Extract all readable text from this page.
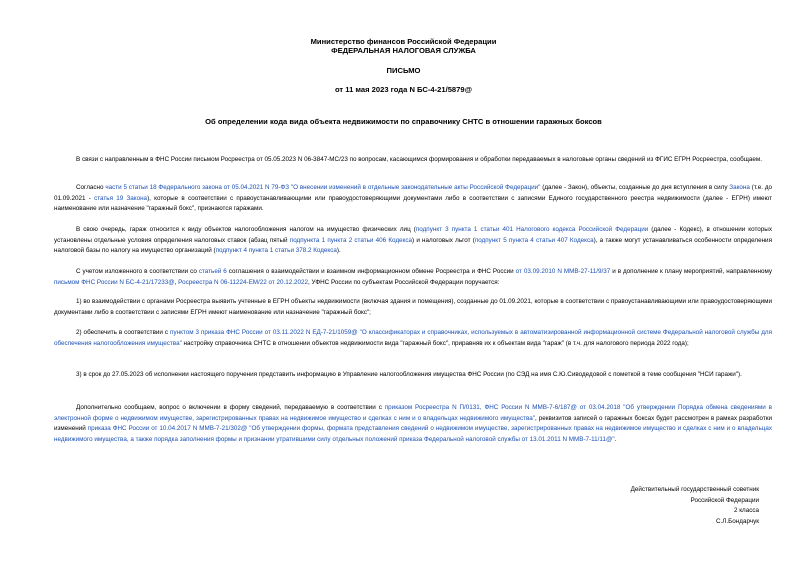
Министерство финансов Российской Федерации
ФЕДЕРАЛЬНАЯ НАЛОГОВАЯ СЛУЖБА
ПИСЬМО
от 11 мая 2023 года N БС-4-21/5879@
Об определении кода вида объекта недвижимости по справочнику СНТС в отношении гаражных боксов
В связи с направленным в ФНС России письмом Росреестра от 05.05.2023 N 06-3847-МС/23 по вопросам, касающимся формирования и обработки передаваемых в налоговые органы сведений из ФГИС ЕГРН Росреестра, сообщаем.
Согласно части 5 статьи 18 Федерального закона от 05.04.2021 N 79-ФЗ "О внесении изменений в отдельные законодательные акты Российской Федерации" (далее - Закон), объекты, созданные до дня вступления в силу Закона (т.е. до 01.09.2021 - статья 19 Закона), которые в соответствии с правоустанавливающими или правоудостоверяющими документами либо в соответствии с записями Единого государственного реестра недвижимости (далее - ЕГРН) имеют наименование или назначение "гаражный бокс", признаются гаражами.
В свою очередь, гараж относится к виду объектов налогообложения налогом на имущество физических лиц (подпункт 3 пункта 1 статьи 401 Налогового кодекса Российской Федерации (далее - Кодекс), в отношении которых установлены отдельные условия определения налоговых ставок (абзац пятый подпункта 1 пункта 2 статьи 406 Кодекса) и налоговых льгот (подпункт 5 пункта 4 статьи 407 Кодекса), а также могут устанавливаться особенности определения налоговой базы по налогу на имущество организаций (подпункт 4 пункта 1 статьи 378.2 Кодекса).
С учетом изложенного в соответствии со статьей 6 соглашения о взаимодействии и взаимном информационном обмене Росреестра и ФНС России от 03.09.2010 N ММВ-27-11/9/37 и в дополнение к плану мероприятий, направленному письмом ФНС России N БС-4-21/17233@, Росреестра N 06-11224-ЕМ/22 от 20.12.2022, УФНС России по субъектам Российской Федерации поручается:
1) во взаимодействии с органами Росреестра выявить учтенные в ЕГРН объекты недвижимости (включая здания и помещения), созданные до 01.09.2021, которые в соответствии с правоустанавливающими или правоудостоверяющими документами либо в соответствии с записями ЕГРН имеют наименование или назначение "гаражный бокс";
2) обеспечить в соответствии с пунктом 3 приказа ФНС России от 03.11.2022 N ЕД-7-21/1059@ "О классификаторах и справочниках, используемых в автоматизированной информационной системе Федеральной налоговой службы для обеспечения налогообложения имущества" настройку справочника СНТС в отношении объектов недвижимости вида "гаражный бокс", приравняв их к объектам вида "гараж" (в т.ч. для налогового периода 2022 года);
3) в срок до 27.05.2023 об исполнении настоящего поручения представить информацию в Управление налогообложения имущества ФНС России (по СЭД на имя С.Ю.Сиводедовой с пометкой в теме сообщения "НСИ гаражи").
Дополнительно сообщаем, вопрос о включении в форму сведений, передаваемую в соответствии с приказом Росреестра N П/0131, ФНС России N ММВ-7-6/187@ от 03.04.2018 "Об утверждении Порядка обмена сведениями в электронной форме о недвижимом имуществе, зарегистрированных правах на недвижимое имущество и сделках с ним и о владельцах недвижимого имущества", реквизитов записей о гаражных боксах будет рассмотрен в рамках разработки изменений приказа ФНС России от 10.04.2017 N ММВ-7-21/302@ "Об утверждении формы, формата представления сведений о недвижимом имуществе, зарегистрированных правах на недвижимое имущество и сделках с ним и о владельцах недвижимого имущества, а также порядка заполнения формы и признании утратившими силу отдельных положений приказа Федеральной налоговой службы от 13.01.2011 N ММВ-7-11/11@".
Действительный государственный советник
Российской Федерации
2 класса
С.Л.Бондарчук
